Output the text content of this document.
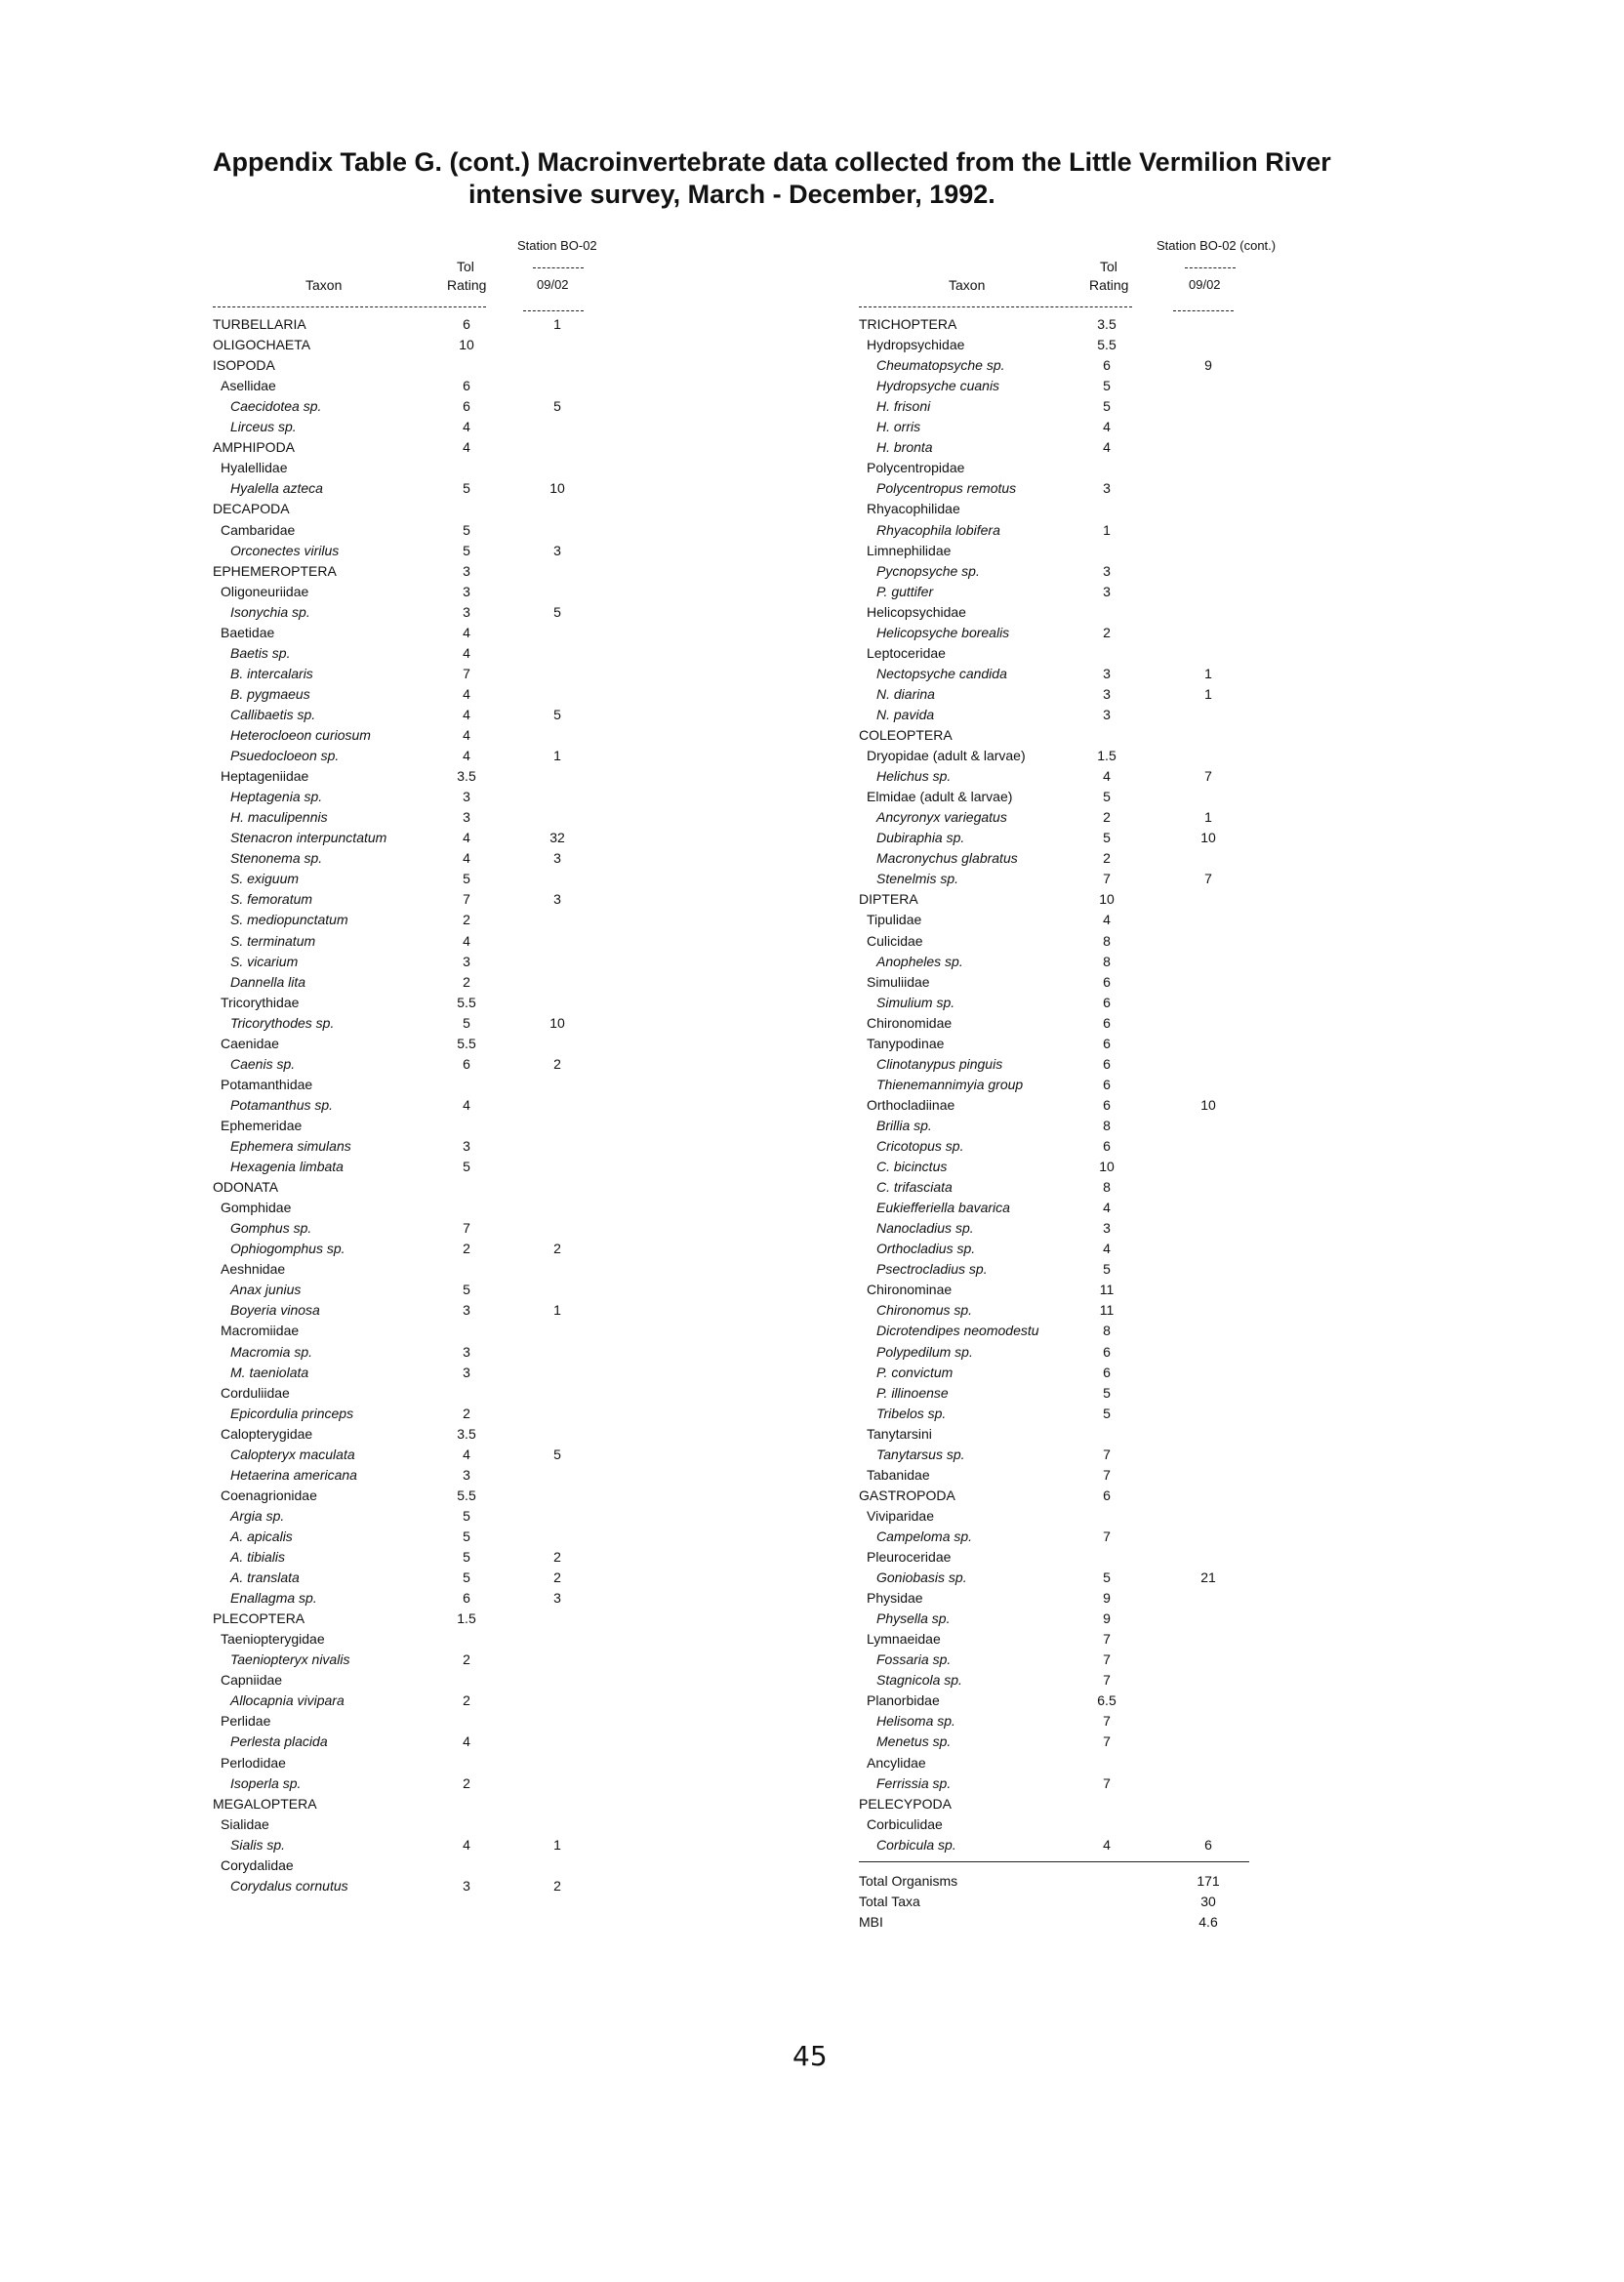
Appendix Table G. (cont.) Macroinvertebrate data collected from the Little Vermilion River
intensive survey, March - December, 1992.
Station BO-02
Tol
Taxon	Rating	09/02
TURBELLARIA	6	1
OLIGOCHAETA	10
ISOPODA
Asellidae	6
Caecidotea sp.	6	5
Lirceus sp.	4
AMPHIPODA	4
Hyalellidae
Hyalella azteca	5	10
DECAPODA
Cambaridae	5
Orconectes virilus	5	3
EPHEMEROPTERA	3
Oligoneuriidae	3
Isonychia sp.	3	5
Baetidae	4
Baetis sp.	4
B. intercalaris	7
B. pygmaeus	4
Callibaetis sp.	4	5
Heterocloeon curiosum	4
Psuedocloeon sp.	4	1
Heptageniidae	3.5
Heptagenia sp.	3
H. maculipennis	3
Stenacron interpunctatum	4	32
Stenonema sp.	4	3
S. exiguum	5
S. femoratum	7	3
S. mediopunctatum	2
S. terminatum	4
S. vicarium	3
Dannella lita	2
Tricorythidae	5.5
Tricorythodes sp.	5	10
Caenidae	5.5
Caenis sp.	6	2
Potamanthidae
Potamanthus sp.	4
Ephemeridae
Ephemera simulans	3
Hexagenia limbata	5
ODONATA
Gomphidae
Gomphus sp.	7
Ophiogomphus sp.	2	2
Aeshnidae
Anax junius	5
Boyeria vinosa	3	1
Macromiidae
Macromia sp.	3
M. taeniolata	3
Corduliidae
Epicordulia princeps	2
Calopterygidae	3.5
Calopteryx maculata	4	5
Hetaerina americana	3
Coenagrionidae	5.5
Argia sp.	5
A. apicalis	5
A. tibialis	5	2
A. translata	5	2
Enallagma sp.	6	3
PLECOPTERA	1.5
Taeniopterygidae
Taeniopteryx nivalis	2
Capniidae
Allocapnia vivipara	2
Perlidae
Perlesta placida	4
Perlodidae
Isoperla sp.	2
MEGALOPTERA
Sialidae
Sialis sp.	4	1
Corydalidae
Corydalus cornutus	3	2
Station BO-02 (cont.)
Tol
Taxon	Rating	09/02
TRICHOPTERA	3.5
Hydropsychidae	5.5
Cheumatopsyche sp.	6	9
Hydropsyche cuanis	5
H. frisoni	5
H. orris	4
H. bronta	4
Polycentropidae
Polycentropus remotus	3
Rhyacophilidae
Rhyacophila lobifera	1
Limnephilidae
Pycnopsyche sp.	3
P. guttifer	3
Helicopsychidae
Helicopsyche borealis	2
Leptoceridae
Nectopsyche candida	3	1
N. diarina	3	1
N. pavida	3
COLEOPTERA
Dryopidae (adult & larvae)	1.5
Helichus sp.	4	7
Elmidae (adult & larvae)	5
Ancyronyx variegatus	2	1
Dubiraphia sp.	5	10
Macronychus glabratus	2
Stenelmis sp.	7	7
DIPTERA	10
Tipulidae	4
Culicidae	8
Anopheles sp.	8
Simuliidae	6
Simulium sp.	6
Chironomidae	6
Tanypodinae	6
Clinotanypus pinguis	6
Thienemannimyia group	6
Orthocladiinae	6	10
Brillia sp.	8
Cricotopus sp.	6
C. bicinctus	10
C. trifasciata	8
Eukiefferiella bavarica	4
Nanocladius sp.	3
Orthocladius sp.	4
Psectrocladius sp.	5
Chironominae	11
Chironomus sp.	11
Dicrotendipes neomodestu	8
Polypedilum sp.	6
P. convictum	6
P. illinoense	5
Tribelos sp.	5
Tanytarsini
Tanytarsus sp.	7
Tabanidae	7
GASTROPODA	6
Viviparidae
Campeloma sp.	7
Pleuroceridae
Goniobasis sp.	5	21
Physidae	9
Physella sp.	9
Lymnaeidae	7
Fossaria sp.	7
Stagnicola sp.	7
Planorbidae	6.5
Helisoma sp.	7
Menetus sp.	7
Ancylidae
Ferrissia sp.	7
PELECYPODA
Corbiculidae
Corbicula sp.	4	6
Total Organisms	171
Total Taxa	30
MBI	4.6
45
